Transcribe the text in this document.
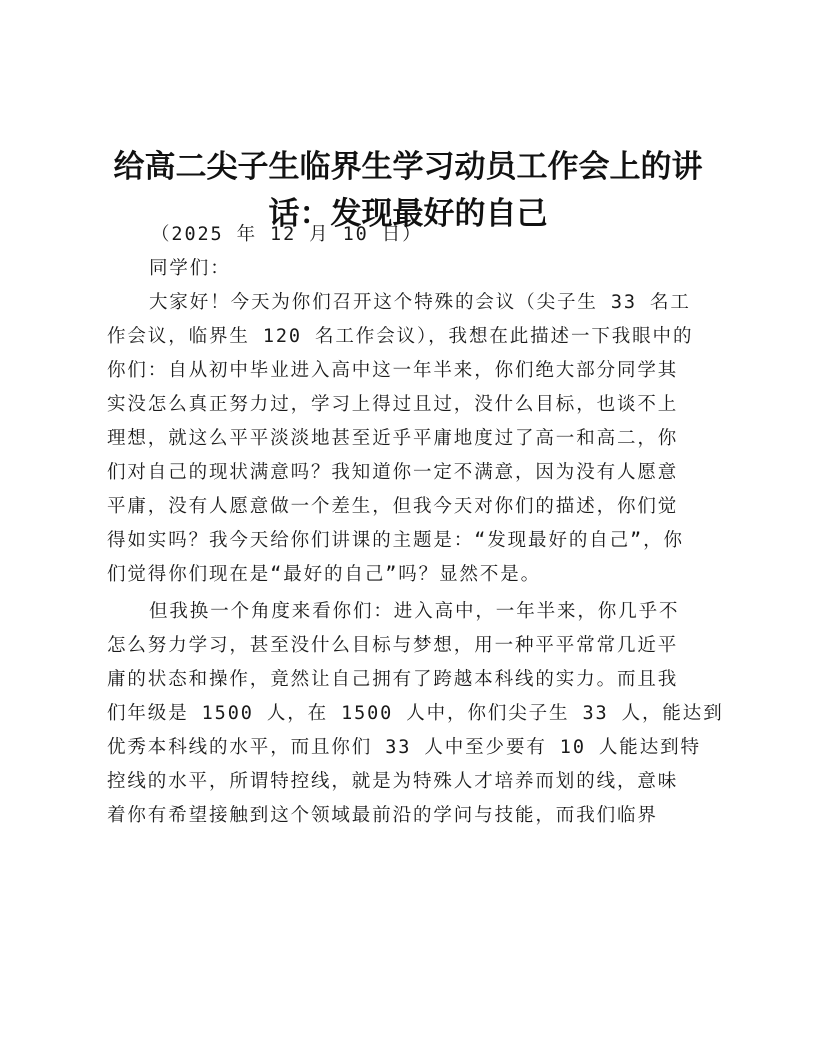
给高二尖子生临界生学习动员工作会上的讲
话：发现最好的自己
（2025 年 12 月 10 日）
同学们：
大家好！今天为你们召开这个特殊的会议（尖子生 33 名工
作会议，临界生 120 名工作会议），我想在此描述一下我眼中的
你们：自从初中毕业进入高中这一年半来，你们绝大部分同学其
实没怎么真正努力过，学习上得过且过，没什么目标，也谈不上
理想，就这么平平淡淡地甚至近乎平庸地度过了高一和高二，你
们对自己的现状满意吗？我知道你一定不满意，因为没有人愿意
平庸，没有人愿意做一个差生，但我今天对你们的描述，你们觉
得如实吗？我今天给你们讲课的主题是：“发现最好的自己”，你
们觉得你们现在是“最好的自己”吗？显然不是。
但我换一个角度来看你们：进入高中，一年半来，你几乎不
怎么努力学习，甚至没什么目标与梦想，用一种平平常常几近平
庸的状态和操作，竟然让自己拥有了跨越本科线的实力。而且我
们年级是 1500 人，在 1500 人中，你们尖子生 33 人，能达到
优秀本科线的水平，而且你们 33 人中至少要有 10 人能达到特
控线的水平，所谓特控线，就是为特殊人才培养而划的线，意味
着你有希望接触到这个领域最前沿的学问与技能，而我们临界
